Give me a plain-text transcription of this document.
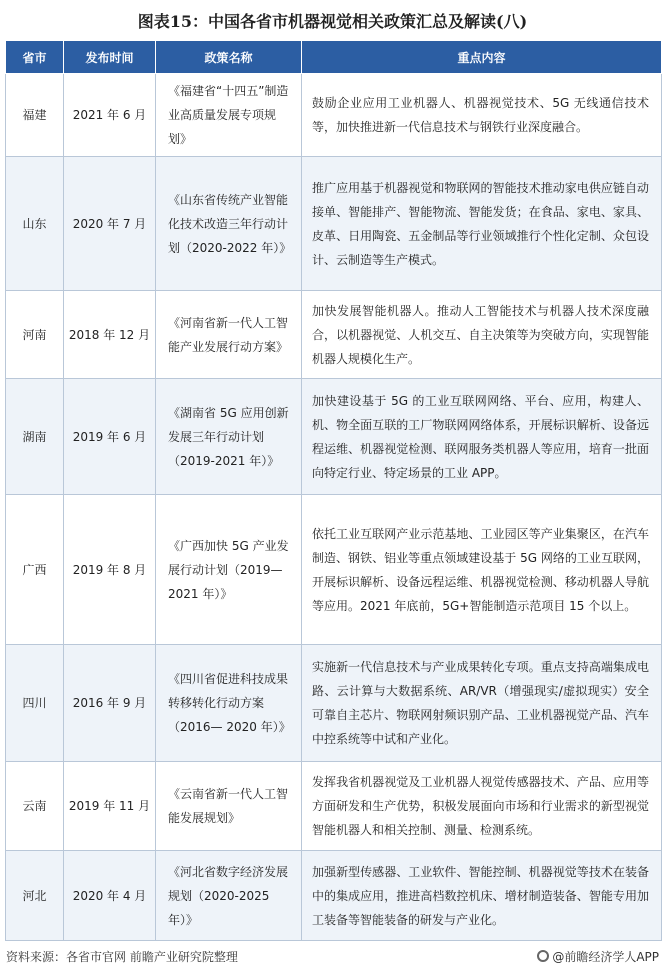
图表15：中国各省市机器视觉相关政策汇总及解读(八)
省市	发布时间	政策名称	重点内容
福建	2021 年 6 月	《福建省“十四五”制造业高质量发展专项规划》	鼓励企业应用工业机器人、机器视觉技术、5G 无线通信技术等，加快推进新一代信息技术与钢铁行业深度融合。
山东	2020 年 7 月	《山东省传统产业智能化技术改造三年行动计划（2020-2022 年）》	推广应用基于机器视觉和物联网的智能技术推动家电供应链自动接单、智能排产、智能物流、智能发货；在食品、家电、家具、皮革、日用陶瓷、五金制品等行业领域推行个性化定制、众包设计、云制造等生产模式。
河南	2018 年 12 月	《河南省新一代人工智能产业发展行动方案》	加快发展智能机器人。推动人工智能技术与机器人技术深度融合，以机器视觉、人机交互、自主决策等为突破方向，实现智能机器人规模化生产。
湖南	2019 年 6 月	《湖南省 5G 应用创新发展三年行动计划（2019-2021 年）》	加快建设基于 5G 的工业互联网网络、平台、应用，构建人、机、物全面互联的工厂物联网网络体系，开展标识解析、设备远程运维、机器视觉检测、联网服务类机器人等应用，培育一批面向特定行业、特定场景的工业 APP。
广西	2019 年 8 月	《广西加快 5G 产业发展行动计划（2019—2021 年）》	依托工业互联网产业示范基地、工业园区等产业集聚区，在汽车制造、钢铁、铝业等重点领域建设基于 5G 网络的工业互联网，开展标识解析、设备远程运维、机器视觉检测、移动机器人导航等应用。2021 年底前，5G+智能制造示范项目 15 个以上。
四川	2016 年 9 月	《四川省促进科技成果转移转化行动方案（2016— 2020 年）》	实施新一代信息技术与产业成果转化专项。重点支持高端集成电路、云计算与大数据系统、AR/VR（增强现实/虚拟现实）安全可靠自主芯片、物联网射频识别产品、工业机器视觉产品、汽车中控系统等中试和产业化。
云南	2019 年 11 月	《云南省新一代人工智能发展规划》	发挥我省机器视觉及工业机器人视觉传感器技术、产品、应用等方面研发和生产优势，积极发展面向市场和行业需求的新型视觉智能机器人和相关控制、测量、检测系统。
河北	2020 年 4 月	《河北省数字经济发展规划（2020-2025 年）》	加强新型传感器、工业软件、智能控制、机器视觉等技术在装备中的集成应用，推进高档数控机床、增材制造装备、智能专用加工装备等智能装备的研发与产业化。
资料来源：各省市官网 前瞻产业研究院整理	@前瞻经济学人APP
